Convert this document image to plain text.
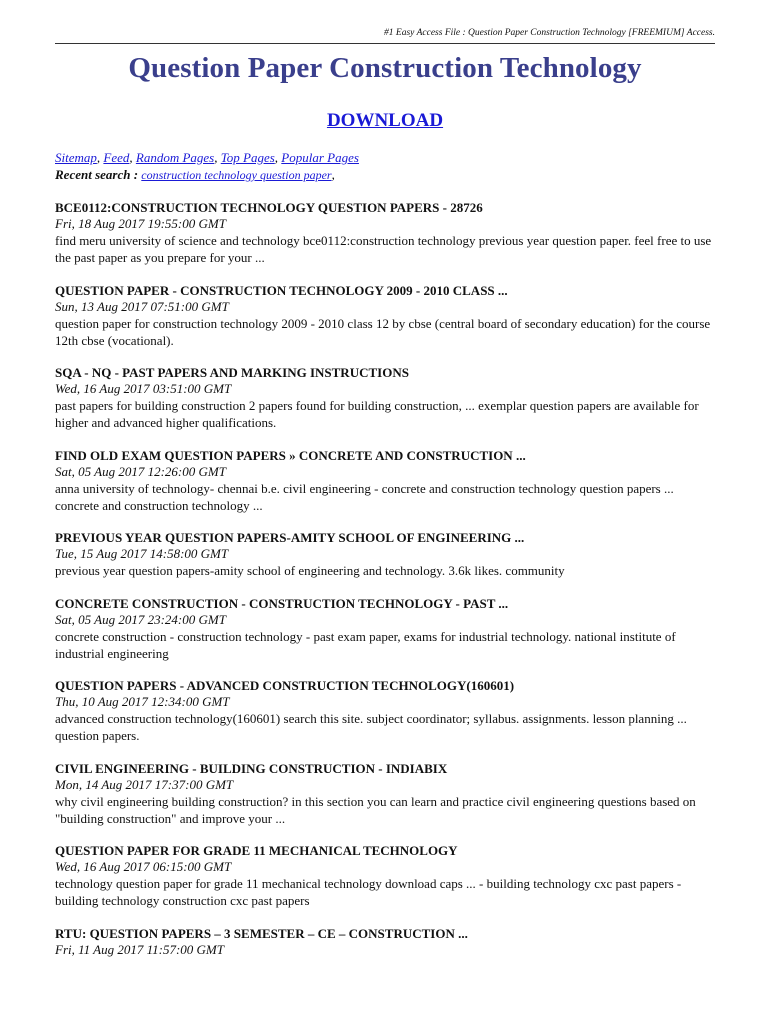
#1 Easy Access File : Question Paper Construction Technology [FREEMIUM] Access.
Question Paper Construction Technology
DOWNLOAD
Sitemap, Feed, Random Pages, Top Pages, Popular Pages
Recent search : construction technology question paper,
BCE0112:CONSTRUCTION TECHNOLOGY QUESTION PAPERS - 28726
Fri, 18 Aug 2017 19:55:00 GMT
find meru university of science and technology bce0112:construction technology previous year question paper. feel free to use the past paper as you prepare for your ...
QUESTION PAPER - CONSTRUCTION TECHNOLOGY 2009 - 2010 CLASS ...
Sun, 13 Aug 2017 07:51:00 GMT
question paper for construction technology 2009 - 2010 class 12 by cbse (central board of secondary education) for the course 12th cbse (vocational).
SQA - NQ - PAST PAPERS AND MARKING INSTRUCTIONS
Wed, 16 Aug 2017 03:51:00 GMT
past papers for building construction 2 papers found for building construction, ... exemplar question papers are available for higher and advanced higher qualifications.
FIND OLD EXAM QUESTION PAPERS » CONCRETE AND CONSTRUCTION ...
Sat, 05 Aug 2017 12:26:00 GMT
anna university of technology- chennai b.e. civil engineering - concrete and construction technology question papers ... concrete and construction technology ...
PREVIOUS YEAR QUESTION PAPERS-AMITY SCHOOL OF ENGINEERING ...
Tue, 15 Aug 2017 14:58:00 GMT
previous year question papers-amity school of engineering and technology. 3.6k likes. community
CONCRETE CONSTRUCTION - CONSTRUCTION TECHNOLOGY - PAST ...
Sat, 05 Aug 2017 23:24:00 GMT
concrete construction - construction technology - past exam paper, exams for industrial technology. national institute of industrial engineering
QUESTION PAPERS - ADVANCED CONSTRUCTION TECHNOLOGY(160601)
Thu, 10 Aug 2017 12:34:00 GMT
advanced construction technology(160601) search this site. subject coordinator; syllabus. assignments. lesson planning ... question papers.
CIVIL ENGINEERING - BUILDING CONSTRUCTION - INDIABIX
Mon, 14 Aug 2017 17:37:00 GMT
why civil engineering building construction? in this section you can learn and practice civil engineering questions based on "building construction" and improve your ...
QUESTION PAPER FOR GRADE 11 MECHANICAL TECHNOLOGY
Wed, 16 Aug 2017 06:15:00 GMT
technology question paper for grade 11 mechanical technology download caps ... - building technology cxc past papers - building technology construction cxc past papers
RTU: QUESTION PAPERS – 3 SEMESTER – CE – CONSTRUCTION ...
Fri, 11 Aug 2017 11:57:00 GMT
